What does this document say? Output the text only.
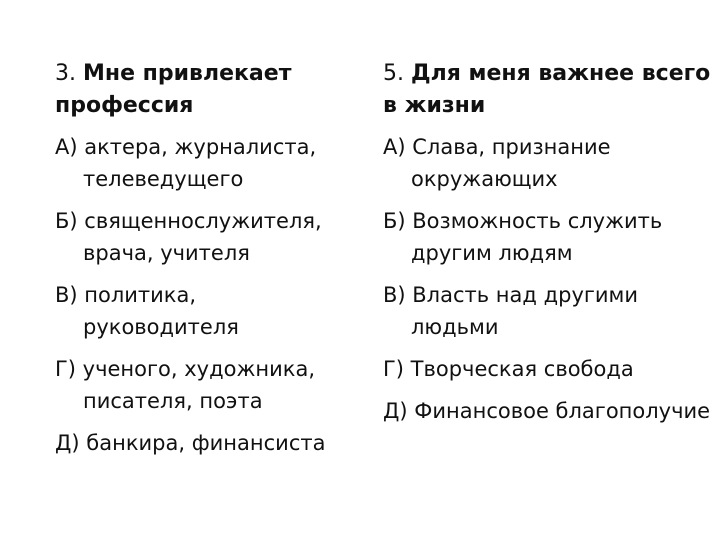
3. Мне привлекает профессия
А) актера, журналиста, телеведущего
Б) священнослужителя, врача, учителя
В) политика, руководителя
Г) ученого, художника, писателя, поэта
Д) банкира, финансиста
5. Для меня важнее всего в жизни
А) Слава, признание окружающих
Б) Возможность служить другим людям
В) Власть над другими людьми
Г) Творческая свобода
Д) Финансовое благополучие
